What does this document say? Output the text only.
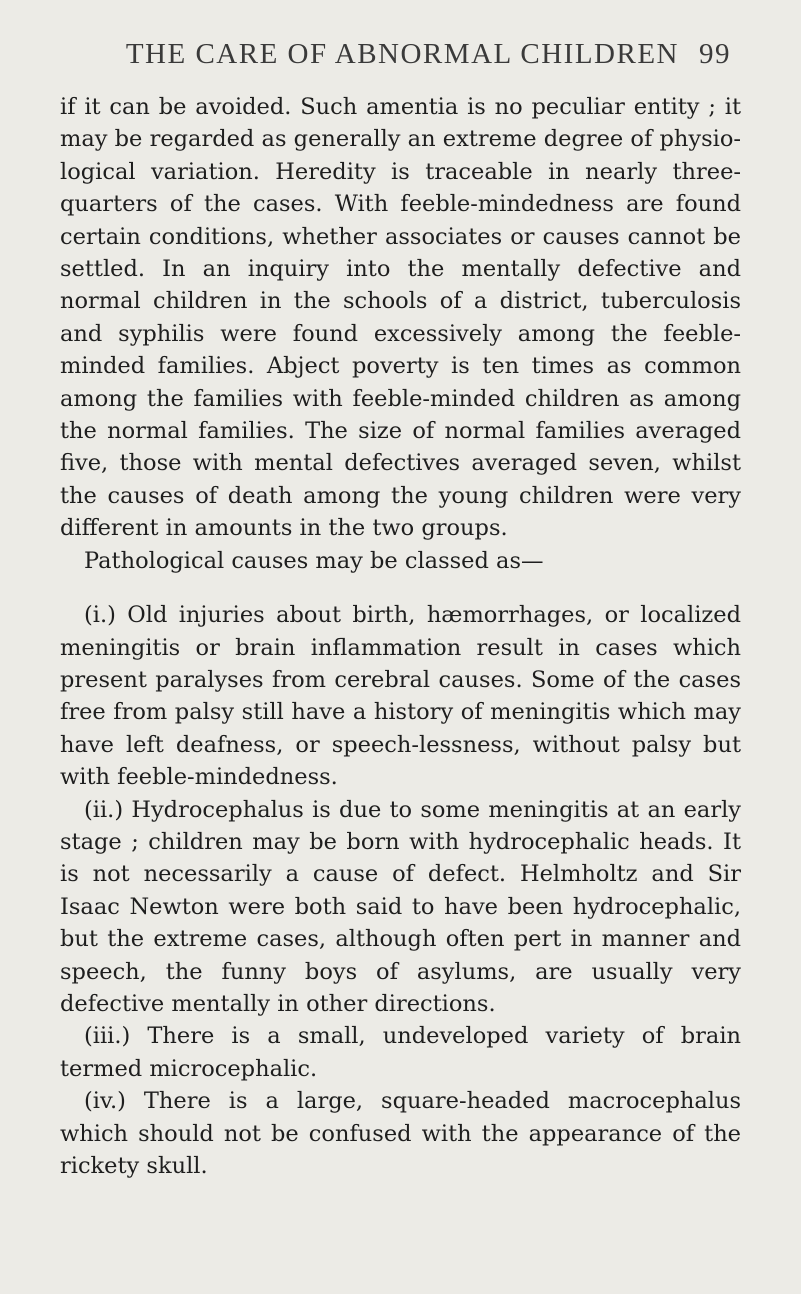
THE CARE OF ABNORMAL CHILDREN 99

if it can be avoided. Such amentia is no peculiar entity ; it may be regarded as generally an extreme degree of physio-logical variation. Heredity is traceable in nearly three-quarters of the cases. With feeble-mindedness are found certain conditions, whether associates or causes cannot be settled. In an inquiry into the mentally defective and normal children in the schools of a district, tuberculosis and syphilis were found excessively among the feeble-minded families. Abject poverty is ten times as common among the families with feeble-minded children as among the normal families. The size of normal families averaged five, those with mental defectives averaged seven, whilst the causes of death among the young children were very different in amounts in the two groups.

Pathological causes may be classed as—

(i.) Old injuries about birth, hæmorrhages, or localized meningitis or brain inflammation result in cases which present paralyses from cerebral causes. Some of the cases free from palsy still have a history of meningitis which may have left deafness, or speech-lessness, without palsy but with feeble-mindedness.

(ii.) Hydrocephalus is due to some meningitis at an early stage ; children may be born with hydrocephalic heads. It is not necessarily a cause of defect. Helmholtz and Sir Isaac Newton were both said to have been hydrocephalic, but the extreme cases, although often pert in manner and speech, the funny boys of asylums, are usually very defective mentally in other directions.

(iii.) There is a small, undeveloped variety of brain termed microcephalic.

(iv.) There is a large, square-headed macrocephalus which should not be confused with the appearance of the rickety skull.
